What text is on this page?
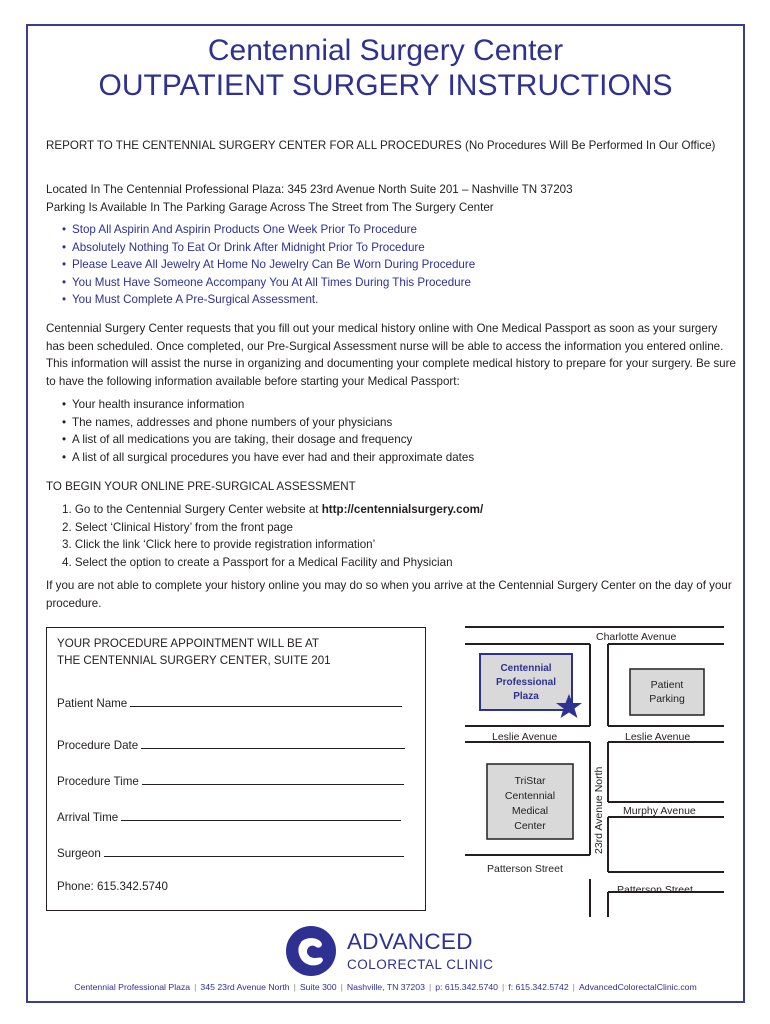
Centennial Surgery Center
OUTPATIENT SURGERY INSTRUCTIONS
REPORT TO THE CENTENNIAL SURGERY CENTER FOR ALL PROCEDURES (No Procedures Will Be Performed In Our Office)
Located In The Centennial Professional Plaza: 345 23rd Avenue North Suite 201 – Nashville TN 37203
Parking Is Available In The Parking Garage Across The Street from The Surgery Center
• Stop All Aspirin And Aspirin Products One Week Prior To Procedure
• Absolutely Nothing To Eat Or Drink After Midnight Prior To Procedure
• Please Leave All Jewelry At Home No Jewelry Can Be Worn During Procedure
• You Must Have Someone Accompany You At All Times During This Procedure
• You Must Complete A Pre-Surgical Assessment.
Centennial Surgery Center requests that you fill out your medical history online with One Medical Passport as soon as your surgery has been scheduled. Once completed, our Pre-Surgical Assessment nurse will be able to access the information you entered online. This information will assist the nurse in organizing and documenting your complete medical history to prepare for your surgery. Be sure to have the following information available before starting your Medical Passport:
• Your health insurance information
• The names, addresses and phone numbers of your physicians
• A list of all medications you are taking, their dosage and frequency
• A list of all surgical procedures you have ever had and their approximate dates
TO BEGIN YOUR ONLINE PRE-SURGICAL ASSESSMENT
1. Go to the Centennial Surgery Center website at http://centennialsurgery.com/
2. Select ‘Clinical History’ from the front page
3. Click the link ‘Click here to provide registration information’
4. Select the option to create a Passport for a Medical Facility and Physician
If you are not able to complete your history online you may do so when you arrive at the Centennial Surgery Center on the day of your procedure.
YOUR PROCEDURE APPOINTMENT WILL BE AT
THE CENTENNIAL SURGERY CENTER, SUITE 201
Patient Name
Procedure Date
Procedure Time
Arrival Time
Surgeon
Phone: 615.342.5740
Charlotte Avenue
Centennial
Professional
Plaza
Patient
Parking
Leslie Avenue	Leslie Avenue
TriStar
Centennial
Medical
Center	23rd Avenue North Murphy Avenue
Patterson Street
Patterson Street
ADVANCED
COLORECTAL CLINIC
Centennial Professional Plaza | 345 23rd Avenue North | Suite 300 | Nashville, TN 37203 | p: 615.342.5740 | f: 615.342.5742 | AdvancedColorectalClinic.com
